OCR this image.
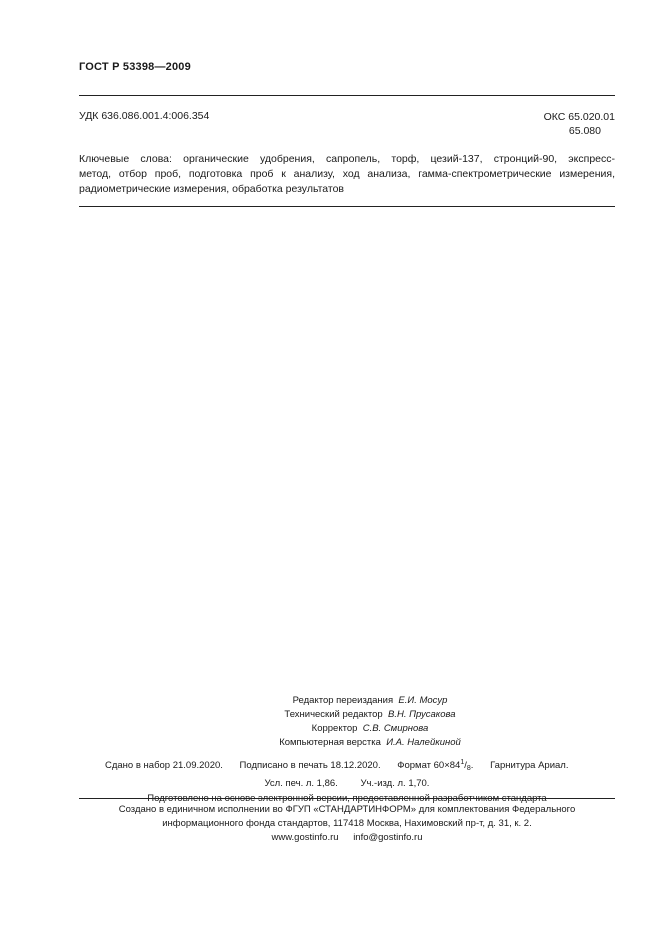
ГОСТ Р 53398—2009
УДК 636.086.001.4:006.354	ОКС 65.020.01
65.080
Ключевые слова: органические удобрения, сапропель, торф, цезий-137, стронций-90, экспресс-
метод, отбор проб, подготовка проб к анализу, ход анализа, гамма-спектрометрические измерения,
радиометрические измерения, обработка результатов
Редактор переиздания Е.И. Мосур
Технический редактор В.Н. Прусакова
Корректор С.В. Смирнова
Компьютерная верстка И.А. Налейкиной
Сдано в набор 21.09.2020. Подписано в печать 18.12.2020. Формат $60\times 84^1/_8$. Гарнитура Ариал.
Усл. печ. л. 1,86. Уч.-изд. л. 1,70.
Подготовлено на основе электронной версии, предоставленной разработчиком стандарта
Создано в единичном исполнении во ФГУП «СТАНДАРТИНФОРМ» для комплектования Федерального
информационного фонда стандартов, 117418 Москва, Нахимовский пр-т, д. 31, к. 2.
www.gostinfo.ru info@gostinfo.ru
